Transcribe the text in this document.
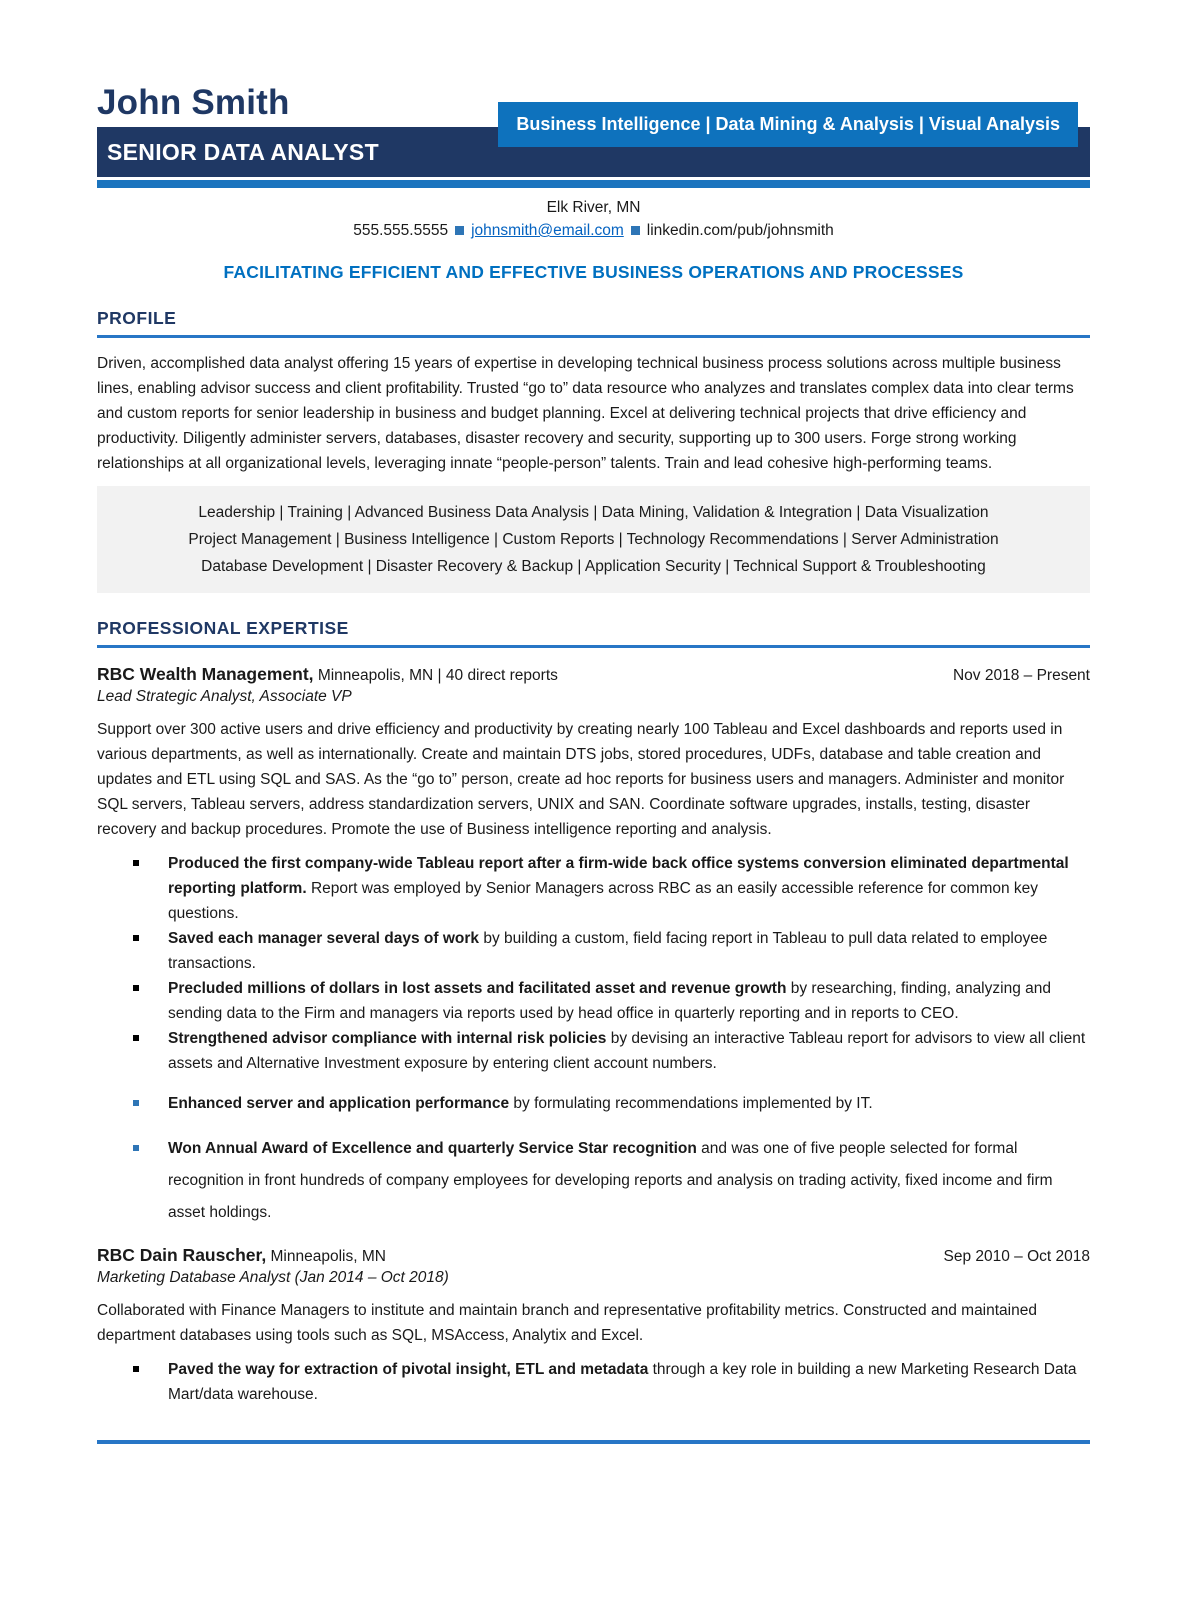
John Smith
SENIOR DATA ANALYST
Business Intelligence | Data Mining & Analysis | Visual Analysis
Elk River, MN
555.555.5555 johnsmith@email.com linkedin.com/pub/johnsmith
FACILITATING EFFICIENT AND EFFECTIVE BUSINESS OPERATIONS AND PROCESSES
PROFILE
Driven, accomplished data analyst offering 15 years of expertise in developing technical business process solutions across multiple business lines, enabling advisor success and client profitability. Trusted “go to” data resource who analyzes and translates complex data into clear terms and custom reports for senior leadership in business and budget planning. Excel at delivering technical projects that drive efficiency and productivity. Diligently administer servers, databases, disaster recovery and security, supporting up to 300 users. Forge strong working relationships at all organizational levels, leveraging innate “people-person” talents. Train and lead cohesive high-performing teams.
Leadership | Training | Advanced Business Data Analysis | Data Mining, Validation & Integration | Data Visualization
Project Management | Business Intelligence | Custom Reports | Technology Recommendations | Server Administration
Database Development | Disaster Recovery & Backup | Application Security | Technical Support & Troubleshooting
PROFESSIONAL EXPERTISE
RBC Wealth Management, Minneapolis, MN | 40 direct reports	Nov 2018 – Present
Lead Strategic Analyst, Associate VP
Support over 300 active users and drive efficiency and productivity by creating nearly 100 Tableau and Excel dashboards and reports used in various departments, as well as internationally. Create and maintain DTS jobs, stored procedures, UDFs, database and table creation and updates and ETL using SQL and SAS. As the “go to” person, create ad hoc reports for business users and managers. Administer and monitor SQL servers, Tableau servers, address standardization servers, UNIX and SAN. Coordinate software upgrades, installs, testing, disaster recovery and backup procedures. Promote the use of Business intelligence reporting and analysis.
Produced the first company-wide Tableau report after a firm-wide back office systems conversion eliminated departmental reporting platform. Report was employed by Senior Managers across RBC as an easily accessible reference for common key questions.
Saved each manager several days of work by building a custom, field facing report in Tableau to pull data related to employee transactions.
Precluded millions of dollars in lost assets and facilitated asset and revenue growth by researching, finding, analyzing and sending data to the Firm and managers via reports used by head office in quarterly reporting and in reports to CEO.
Strengthened advisor compliance with internal risk policies by devising an interactive Tableau report for advisors to view all client assets and Alternative Investment exposure by entering client account numbers.
Enhanced server and application performance by formulating recommendations implemented by IT.
Won Annual Award of Excellence and quarterly Service Star recognition and was one of five people selected for formal recognition in front hundreds of company employees for developing reports and analysis on trading activity, fixed income and firm asset holdings.
RBC Dain Rauscher, Minneapolis, MN	Sep 2010 – Oct 2018
Marketing Database Analyst (Jan 2014 – Oct 2018)
Collaborated with Finance Managers to institute and maintain branch and representative profitability metrics. Constructed and maintained department databases using tools such as SQL, MSAccess, Analytix and Excel.
Paved the way for extraction of pivotal insight, ETL and metadata through a key role in building a new Marketing Research Data Mart/data warehouse.
